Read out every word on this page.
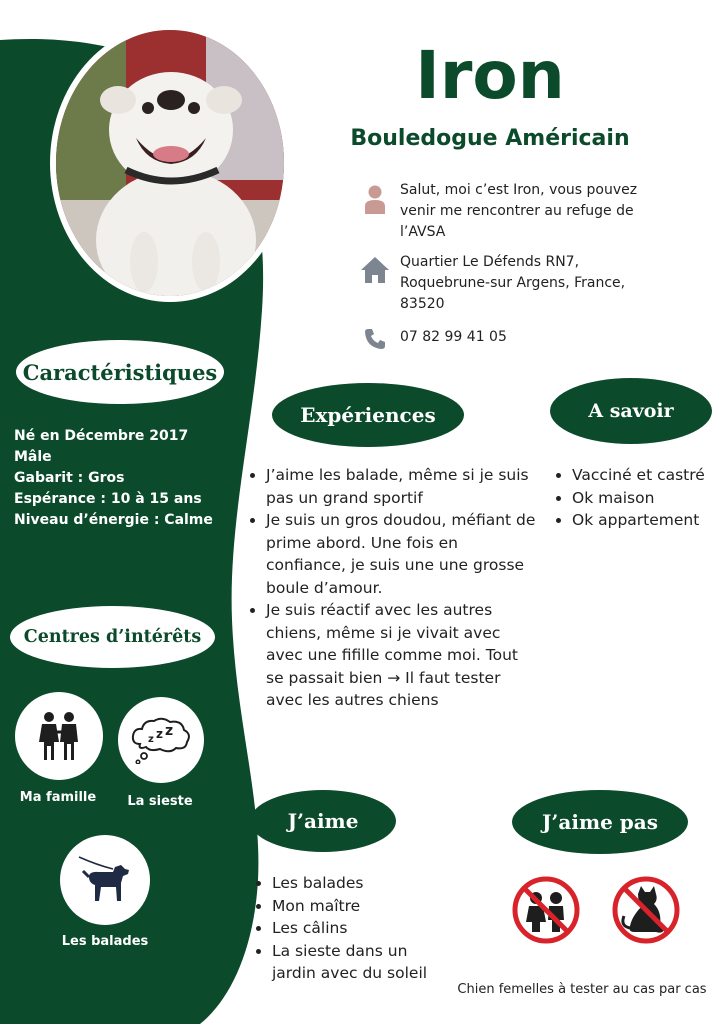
Iron
Bouledogue Américain
Salut, moi c’est Iron, vous pouvez venir me rencontrer au refuge de l’AVSA
Quartier Le Défends RN7, Roquebrune-sur Argens, France, 83520
07 82 99 41 05
Caractéristiques
Né en Décembre 2017
Mâle
Gabarit : Gros
Espérance : 10 à 15 ans
Niveau d’énergie : Calme
Centres d’intérêts
Ma famille
z z z
La sieste
Les balades
Expériences
• J’aime les balade, même si je suis pas un grand sportif
• Je suis un gros doudou, méfiant de prime abord. Une fois en confiance, je suis une une grosse boule d’amour.
• Je suis réactif avec les autres chiens, même si je vivait avec avec une fifille comme moi. Tout se passait bien → Il faut tester avec les autres chiens
A savoir
• Vacciné et castré
• Ok maison
• Ok appartement
J’aime
• Les balades
• Mon maître
• Les câlins
• La sieste dans un jardin avec du soleil
J’aime pas
Chien femelles à tester au cas par cas
